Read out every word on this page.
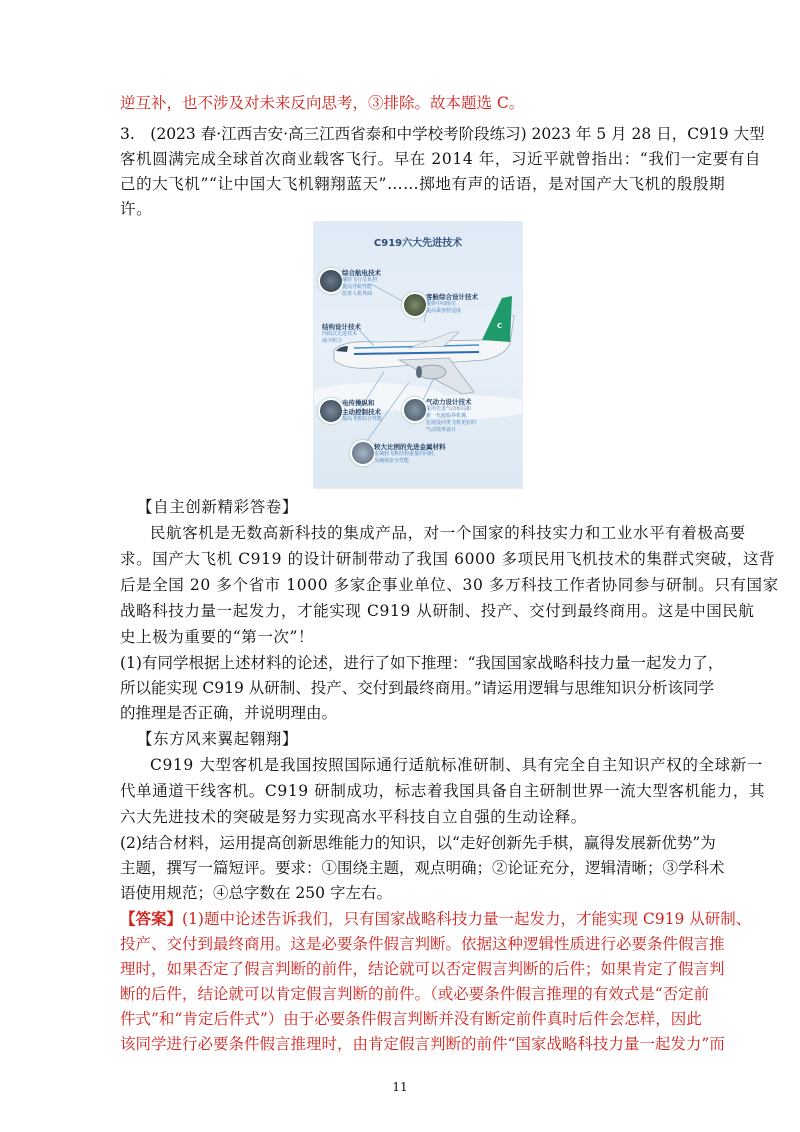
逆互补，也不涉及对未来反向思考，③排除。故本题选 C。
3.　(2023 春·江西吉安·高三江西省泰和中学校考阶段练习) 2023 年 5 月 28 日，C919 大型
客机圆满完成全球首次商业载客飞行。早在 2014 年，习近平就曾指出：“我们一定要有自
己的大飞机”“让中国大飞机翱翔蓝天”……掷地有声的话语，是对国产大飞机的殷殷期
许。
C919六大先进技术
C
综合航电技术
减轻飞行员负担
提高导航性能
改善人机界面	客舱综合设计技术
提供中间座位
提高乘客舒适度
结构设计技术
四面式先进技术
减少阻力
电传操纵和
主动控制技术
提高飞机综合性能
气动力设计技术
采用先进气动布局和
新一代超临界机翼，
比现役同类飞机更好的
气动效率设计
较大比例的先进金属材料
在减轻飞机结构重量的同时，
又确保安全性能
【自主创新精彩答卷】
民航客机是无数高新科技的集成产品，对一个国家的科技实力和工业水平有着极高要
求。国产大飞机 C919 的设计研制带动了我国 6000 多项民用飞机技术的集群式突破，这背
后是全国 20 多个省市 1000 多家企事业单位、30 多万科技工作者协同参与研制。只有国家
战略科技力量一起发力，才能实现 C919 从研制、投产、交付到最终商用。这是中国民航
史上极为重要的“第一次”！
(1)有同学根据上述材料的论述，进行了如下推理：“我国国家战略科技力量一起发力了，
所以能实现 C919 从研制、投产、交付到最终商用。”请运用逻辑与思维知识分析该同学
的推理是否正确，并说明理由。
【东方风来翼起翱翔】
C919 大型客机是我国按照国际通行适航标准研制、具有完全自主知识产权的全球新一
代单通道干线客机。C919 研制成功，标志着我国具备自主研制世界一流大型客机能力，其
六大先进技术的突破是努力实现高水平科技自立自强的生动诠释。
(2)结合材料，运用提高创新思维能力的知识，以“走好创新先手棋，赢得发展新优势”为
主题，撰写一篇短评。要求：①围绕主题，观点明确；②论证充分，逻辑清晰；③学科术
语使用规范；④总字数在 250 字左右。
【答案】(1)题中论述告诉我们，只有国家战略科技力量一起发力，才能实现 C919 从研制、
投产、交付到最终商用。这是必要条件假言判断。依据这种逻辑性质进行必要条件假言推
理时，如果否定了假言判断的前件，结论就可以否定假言判断的后件；如果肯定了假言判
断的后件，结论就可以肯定假言判断的前件。（或必要条件假言推理的有效式是“否定前
件式”和“肯定后件式”）由于必要条件假言判断并没有断定前件真时后件会怎样，因此
该同学进行必要条件假言推理时，由肯定假言判断的前件“国家战略科技力量一起发力”而
11
